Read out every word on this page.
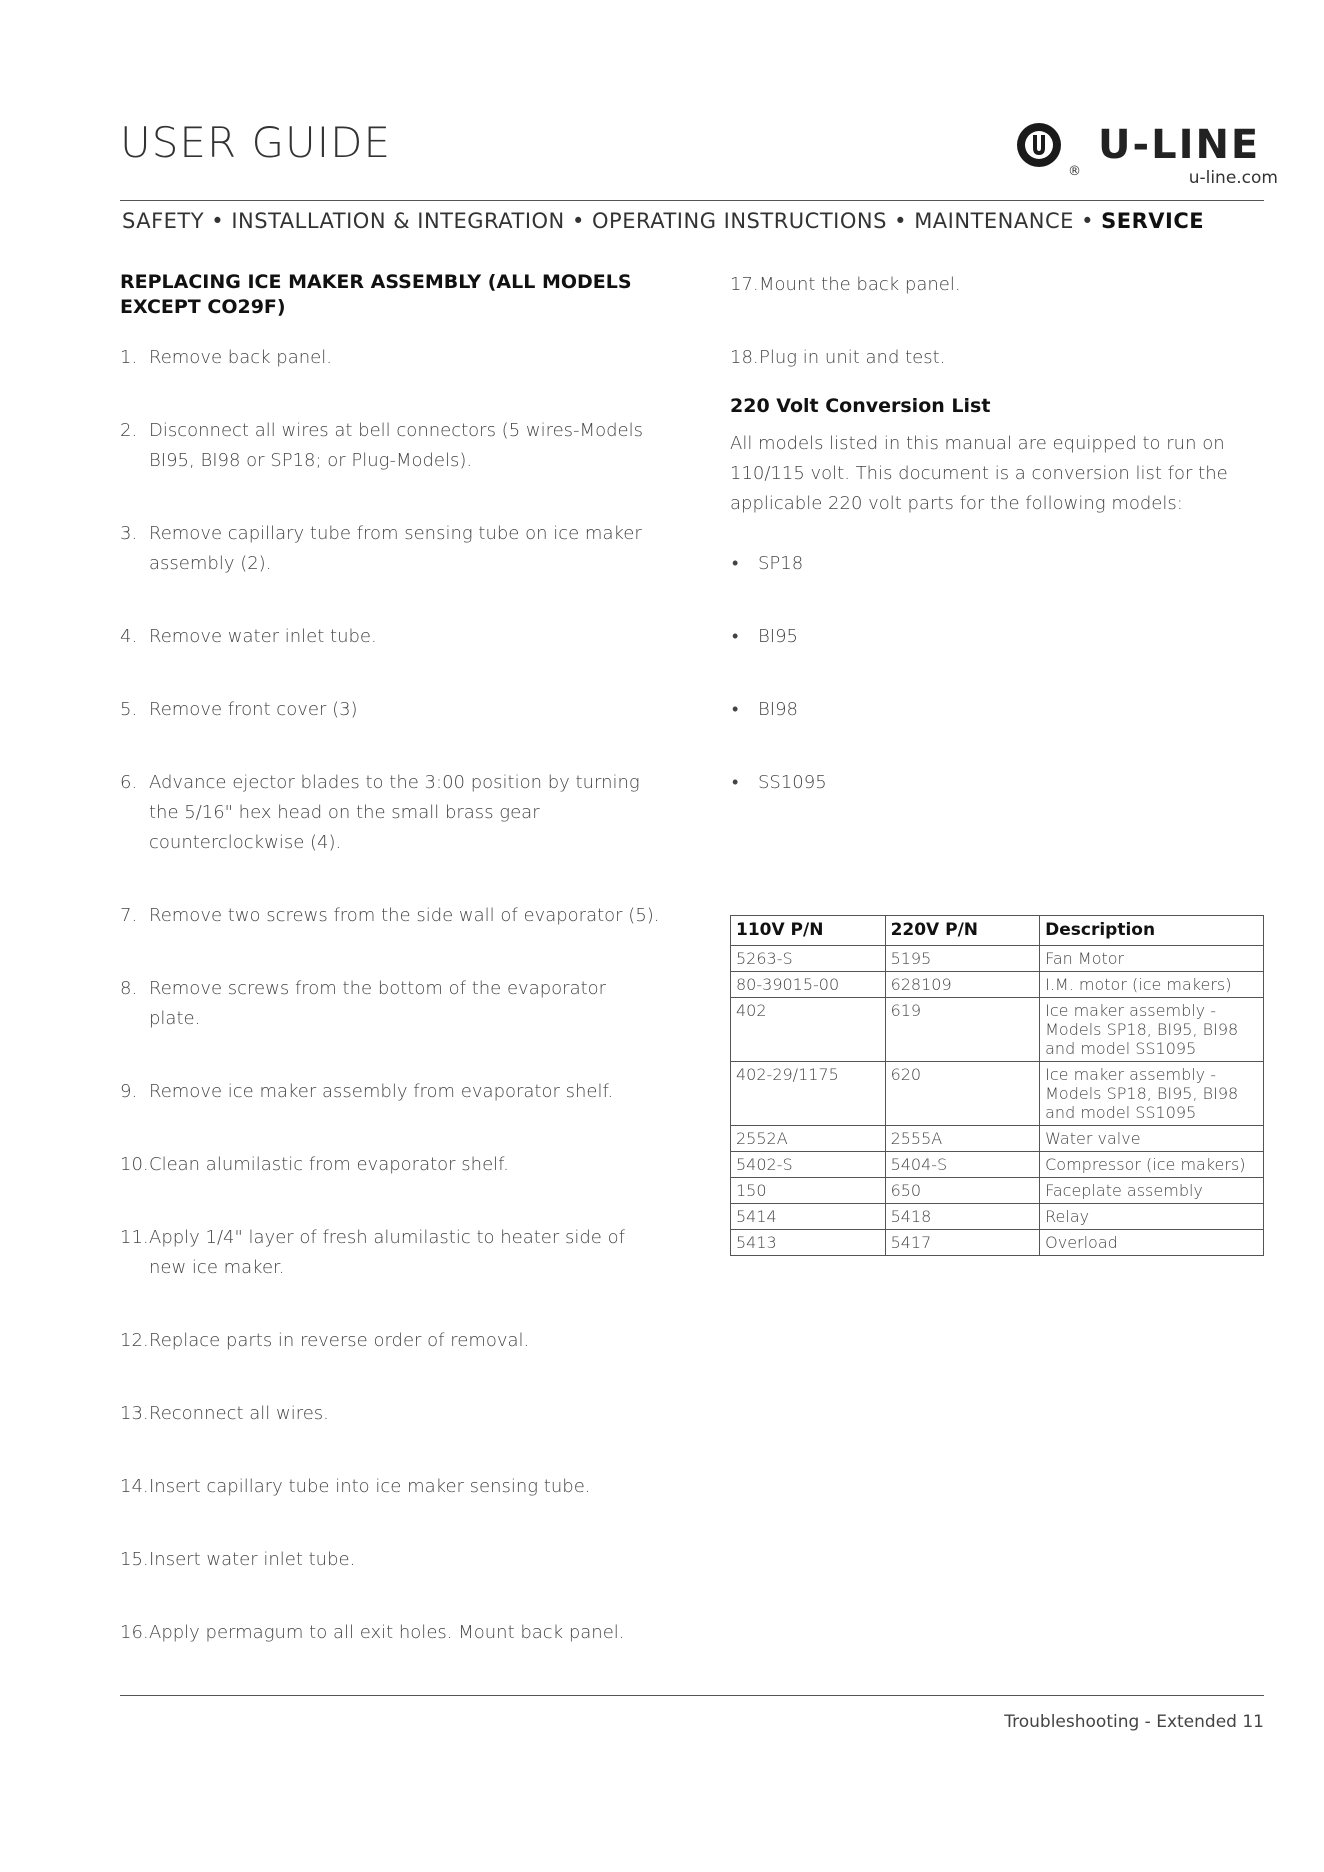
USER GUIDE
®
U-LINE
u-line.com
SAFETY • INSTALLATION & INTEGRATION • OPERATING INSTRUCTIONS • MAINTENANCE • SERVICE
REPLACING ICE MAKER ASSEMBLY (ALL MODELS EXCEPT CO29F)
1. Remove back panel.
2. Disconnect all wires at bell connectors (5 wires-Models BI95, BI98 or SP18; or Plug-Models).
3. Remove capillary tube from sensing tube on ice maker assembly (2).
4. Remove water inlet tube.
5. Remove front cover (3)
6. Advance ejector blades to the 3:00 position by turning the 5/16" hex head on the small brass gear counterclockwise (4).
7. Remove two screws from the side wall of evaporator (5).
8. Remove screws from the bottom of the evaporator plate.
9. Remove ice maker assembly from evaporator shelf.
10. Clean alumilastic from evaporator shelf.
11. Apply 1/4" layer of fresh alumilastic to heater side of new ice maker.
12. Replace parts in reverse order of removal.
13. Reconnect all wires.
14. Insert capillary tube into ice maker sensing tube.
15. Insert water inlet tube.
16. Apply permagum to all exit holes. Mount back panel.
17. Mount the back panel.
18. Plug in unit and test.
220 Volt Conversion List
All models listed in this manual are equipped to run on 110/115 volt. This document is a conversion list for the applicable 220 volt parts for the following models:
•	SP18
•	BI95
•	BI98
•	SS1095
110V P/N	220V P/N	Description
5263-S	5195	Fan Motor
80-39015-00	628109	I.M. motor (ice makers)
402	619	Ice maker assembly - Models SP18, BI95, BI98 and model SS1095
402-29/1175	620	Ice maker assembly - Models SP18, BI95, BI98 and model SS1095
2552A	2555A	Water valve
5402-S	5404-S	Compressor (ice makers)
150	650	Faceplate assembly
5414	5418	Relay
5413	5417	Overload
Troubleshooting - Extended 11
